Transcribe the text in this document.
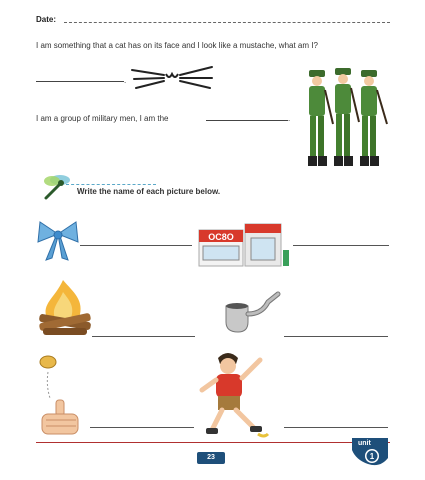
Date:
I am something that a cat has on its face and I look like a mustache, what am I?
.
I am a group of military men, I am the	.
Write the name of each picture below.
OC8O
23
unit
1
